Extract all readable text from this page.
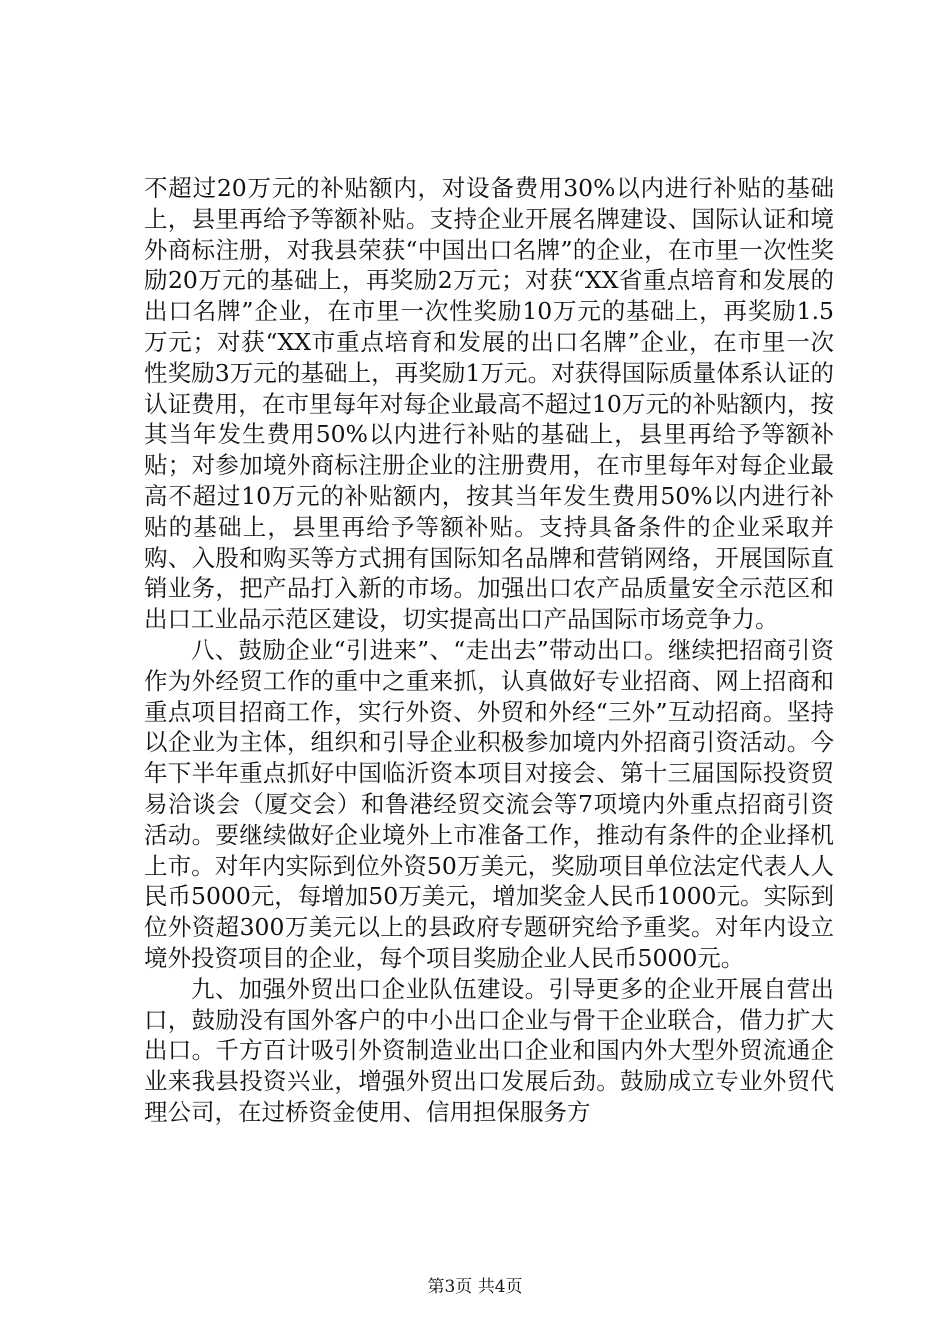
不超过20万元的补贴额内，对设备费用30%以内进行补贴的基础上，县里再给予等额补贴。支持企业开展名牌建设、国际认证和境外商标注册，对我县荣获“中国出口名牌”的企业，在市里一次性奖励20万元的基础上，再奖励2万元；对获“XX省重点培育和发展的出口名牌”企业，在市里一次性奖励10万元的基础上，再奖励1.5万元；对获“XX市重点培育和发展的出口名牌”企业，在市里一次性奖励3万元的基础上，再奖励1万元。对获得国际质量体系认证的认证费用，在市里每年对每企业最高不超过10万元的补贴额内，按其当年发生费用50%以内进行补贴的基础上，县里再给予等额补贴；对参加境外商标注册企业的注册费用，在市里每年对每企业最高不超过10万元的补贴额内，按其当年发生费用50%以内进行补贴的基础上，县里再给予等额补贴。支持具备条件的企业采取并购、入股和购买等方式拥有国际知名品牌和营销网络，开展国际直销业务，把产品打入新的市场。加强出口农产品质量安全示范区和出口工业品示范区建设，切实提高出口产品国际市场竞争力。

八、鼓励企业“引进来”、“走出去”带动出口。继续把招商引资作为外经贸工作的重中之重来抓，认真做好专业招商、网上招商和重点项目招商工作，实行外资、外贸和外经“三外”互动招商。坚持以企业为主体，组织和引导企业积极参加境内外招商引资活动。今年下半年重点抓好中国临沂资本项目对接会、第十三届国际投资贸易洽谈会（厦交会）和鲁港经贸交流会等7项境内外重点招商引资活动。要继续做好企业境外上市准备工作，推动有条件的企业择机上市。对年内实际到位外资50万美元，奖励项目单位法定代表人人民币5000元，每增加50万美元，增加奖金人民币1000元。实际到位外资超300万美元以上的县政府专题研究给予重奖。对年内设立境外投资项目的企业，每个项目奖励企业人民币5000元。

九、加强外贸出口企业队伍建设。引导更多的企业开展自营出口，鼓励没有国外客户的中小出口企业与骨干企业联合，借力扩大出口。千方百计吸引外资制造业出口企业和国内外大型外贸流通企业来我县投资兴业，增强外贸出口发展后劲。鼓励成立专业外贸代理公司，在过桥资金使用、信用担保服务方

第3页 共4页
